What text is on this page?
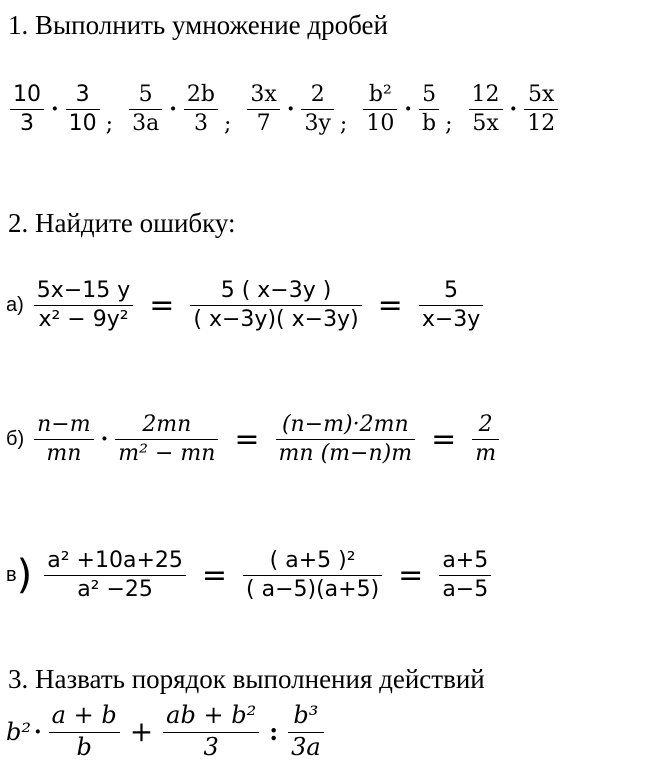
1. Выполнить умножение дробей
$\frac{10}{3} \cdot \frac{3}{10}$ ; $\frac{5}{3a} \cdot \frac{2b}{3}$ ; $\frac{3x}{7} \cdot \frac{2}{3y}$ ; $\frac{\text{b²}}{10} \cdot \frac{5}{b}$ ; $\frac{12}{5x} \cdot \frac{5x}{12}$
2. Найдите ошибку:
$а) \frac{5x-15 y}{\text{x² − 9y²}} = \frac{5 ( x-3y )}{( x-3y)( x-3y)} = \frac{5}{x-3y}$
$б) \frac{n-m}{mn} \cdot \frac{2mn}{\text{m² − mn}} = \frac{(n-m)\cdot 2mn}{mn (m-n)m} = \frac{2}{m}$
в ) $\frac{\text{a² +10a+25}}{\text{a² −25}} = \frac{\text{( a+5 )²}}{( a-5)(a+5)} = \frac{a+5}{a-5}$
3. Назвать порядок выполнения действий
$b^2 \cdot \frac{a + b}{b} + \frac{\text{ab + b²}}{3}$ : $\frac{\text{b³}}{3a}$
